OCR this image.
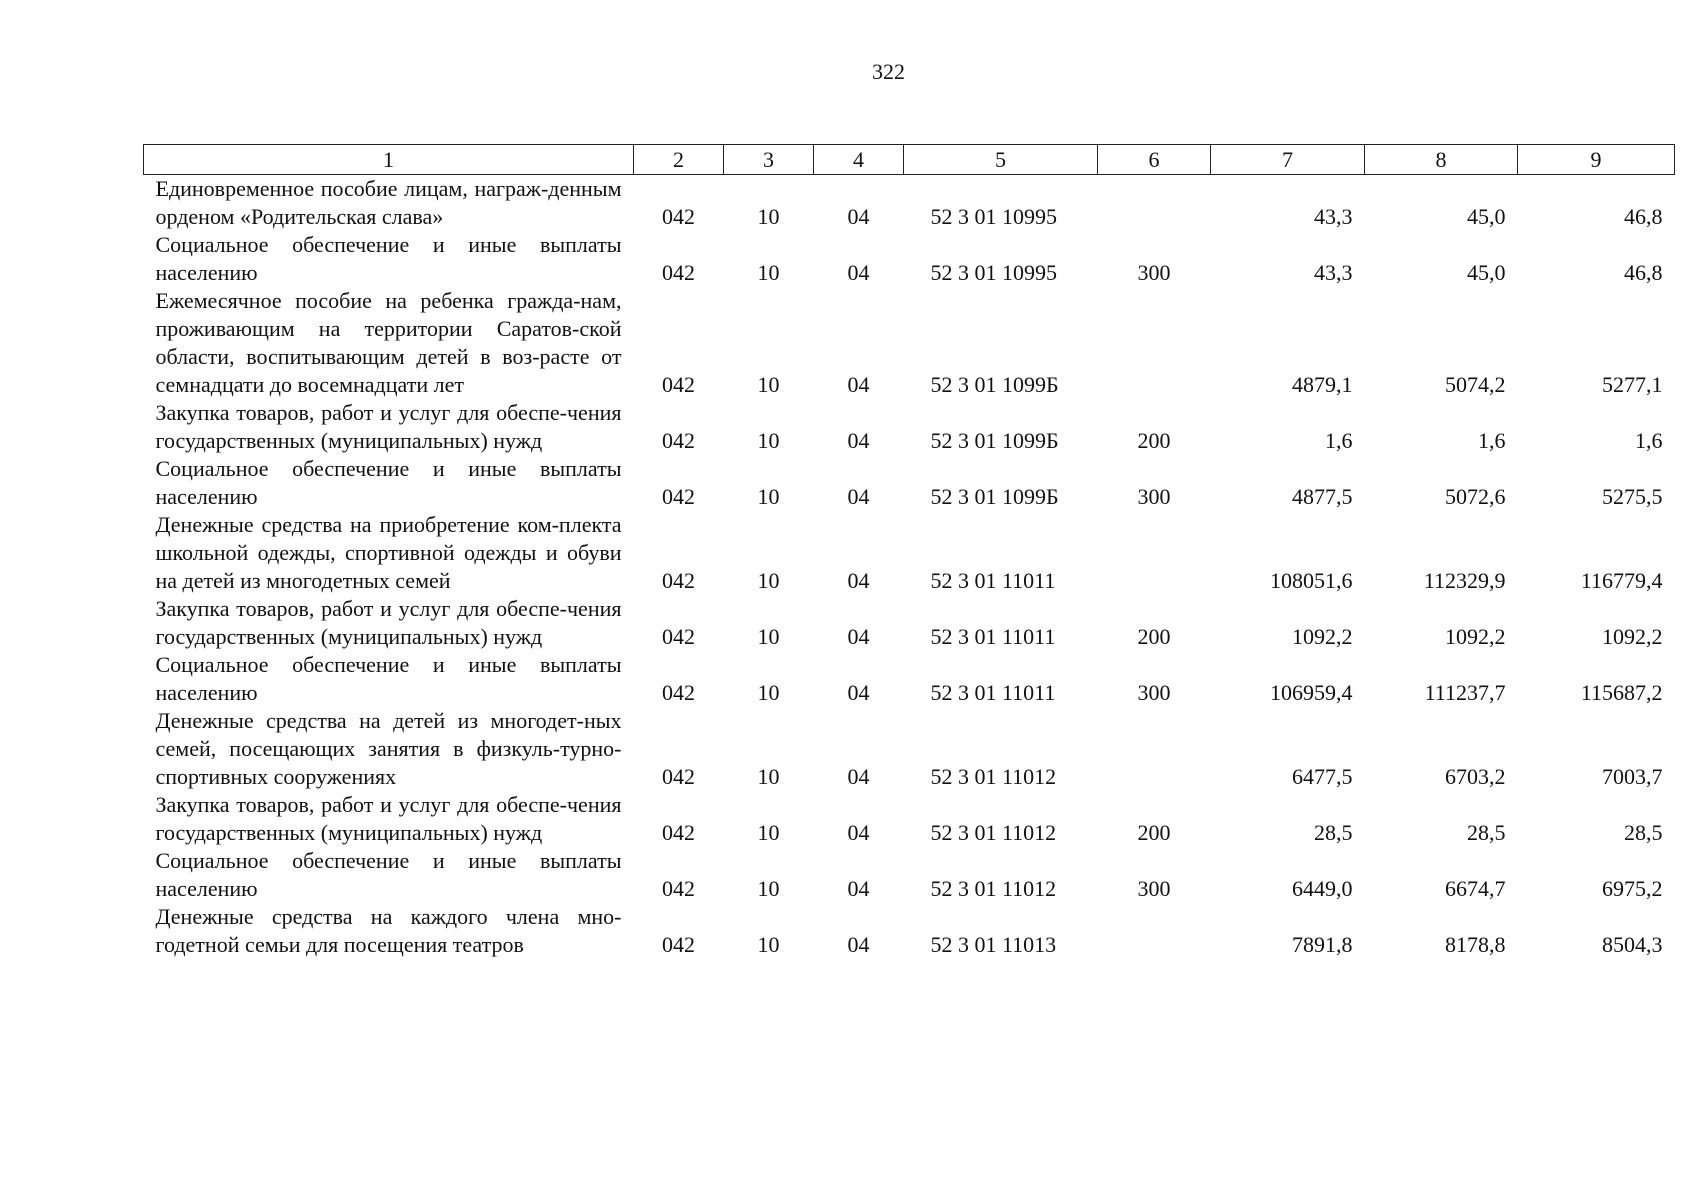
322
1	2	3	4	5	6	7	8	9
Единовременное пособие лицам, награж-денным орденом «Родительская слава»	042	10	04	52 3 01 10995		43,3	45,0	46,8
Социальное обеспечение и иные выплаты населению	042	10	04	52 3 01 10995	300	43,3	45,0	46,8
Ежемесячное пособие на ребенка гражда-нам, проживающим на территории Саратов-ской области, воспитывающим детей в воз-расте от семнадцати до восемнадцати лет	042	10	04	52 3 01 1099Б		4879,1	5074,2	5277,1
Закупка товаров, работ и услуг для обеспе-чения государственных (муниципальных) нужд	042	10	04	52 3 01 1099Б	200	1,6	1,6	1,6
Социальное обеспечение и иные выплаты населению	042	10	04	52 3 01 1099Б	300	4877,5	5072,6	5275,5
Денежные средства на приобретение ком-плекта школьной одежды, спортивной одежды и обуви на детей из многодетных семей	042	10	04	52 3 01 11011		108051,6	112329,9	116779,4
Закупка товаров, работ и услуг для обеспе-чения государственных (муниципальных) нужд	042	10	04	52 3 01 11011	200	1092,2	1092,2	1092,2
Социальное обеспечение и иные выплаты населению	042	10	04	52 3 01 11011	300	106959,4	111237,7	115687,2
Денежные средства на детей из многодет-ных семей, посещающих занятия в физкуль-турно-спортивных сооружениях	042	10	04	52 3 01 11012		6477,5	6703,2	7003,7
Закупка товаров, работ и услуг для обеспе-чения государственных (муниципальных) нужд	042	10	04	52 3 01 11012	200	28,5	28,5	28,5
Социальное обеспечение и иные выплаты населению	042	10	04	52 3 01 11012	300	6449,0	6674,7	6975,2
Денежные средства на каждого члена мно-годетной семьи для посещения театров	042	10	04	52 3 01 11013		7891,8	8178,8	8504,3
